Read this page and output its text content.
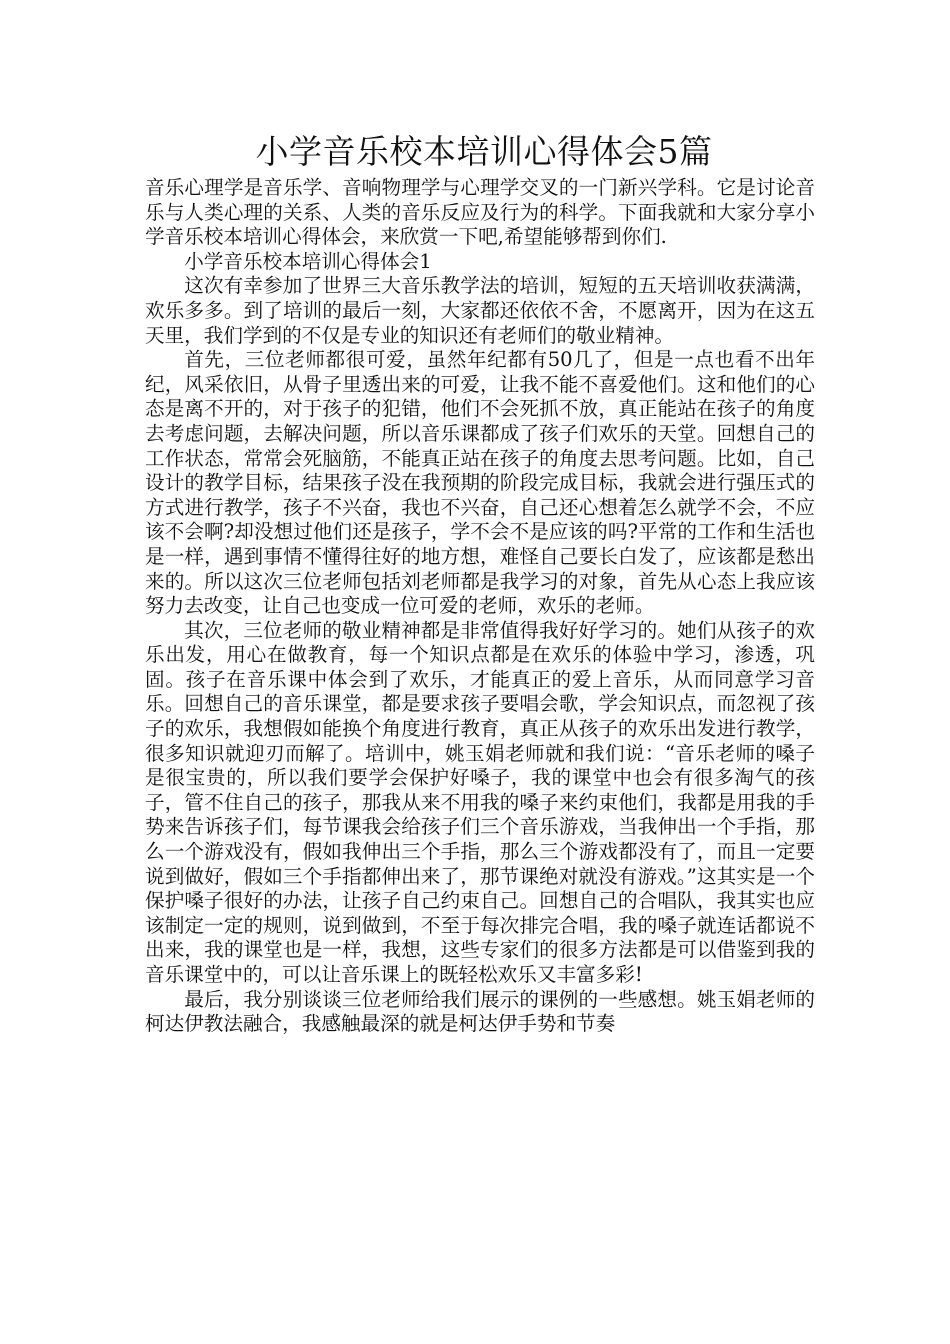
小学音乐校本培训心得体会5篇

音乐心理学是音乐学、音响物理学与心理学交叉的一门新兴学科。它是讨论音乐与人类心理的关系、人类的音乐反应及行为的科学。下面我就和大家分享小学音乐校本培训心得体会，来欣赏一下吧,希望能够帮到你们.

小学音乐校本培训心得体会1

这次有幸参加了世界三大音乐教学法的培训，短短的五天培训收获满满，欢乐多多。到了培训的最后一刻，大家都还依依不舍，不愿离开，因为在这五天里，我们学到的不仅是专业的知识还有老师们的敬业精神。

首先，三位老师都很可爱，虽然年纪都有50几了，但是一点也看不出年纪，风采依旧，从骨子里透出来的可爱，让我不能不喜爱他们。这和他们的心态是离不开的，对于孩子的犯错，他们不会死抓不放，真正能站在孩子的角度去考虑问题，去解决问题，所以音乐课都成了孩子们欢乐的天堂。回想自己的工作状态，常常会死脑筋，不能真正站在孩子的角度去思考问题。比如，自己设计的教学目标，结果孩子没在我预期的阶段完成目标，我就会进行强压式的方式进行教学，孩子不兴奋，我也不兴奋，自己还心想着怎么就学不会，不应该不会啊?却没想过他们还是孩子，学不会不是应该的吗?平常的工作和生活也是一样，遇到事情不懂得往好的地方想，难怪自己要长白发了，应该都是愁出来的。所以这次三位老师包括刘老师都是我学习的对象，首先从心态上我应该努力去改变，让自己也变成一位可爱的老师，欢乐的老师。

其次，三位老师的敬业精神都是非常值得我好好学习的。她们从孩子的欢乐出发，用心在做教育，每一个知识点都是在欢乐的体验中学习，渗透，巩固。孩子在音乐课中体会到了欢乐，才能真正的爱上音乐，从而同意学习音乐。回想自己的音乐课堂，都是要求孩子要唱会歌，学会知识点，而忽视了孩子的欢乐，我想假如能换个角度进行教育，真正从孩子的欢乐出发进行教学，很多知识就迎刃而解了。培训中，姚玉娟老师就和我们说：“音乐老师的嗓子是很宝贵的，所以我们要学会保护好嗓子，我的课堂中也会有很多淘气的孩子，管不住自己的孩子，那我从来不用我的嗓子来约束他们，我都是用我的手势来告诉孩子们，每节课我会给孩子们三个音乐游戏，当我伸出一个手指，那么一个游戏没有，假如我伸出三个手指，那么三个游戏都没有了，而且一定要说到做好，假如三个手指都伸出来了，那节课绝对就没有游戏。”这其实是一个保护嗓子很好的办法，让孩子自己约束自己。回想自己的合唱队，我其实也应该制定一定的规则，说到做到，不至于每次排完合唱，我的嗓子就连话都说不出来，我的课堂也是一样，我想，这些专家们的很多方法都是可以借鉴到我的音乐课堂中的，可以让音乐课上的既轻松欢乐又丰富多彩!

最后，我分别谈谈三位老师给我们展示的课例的一些感想。姚玉娟老师的柯达伊教法融合，我感触最深的就是柯达伊手势和节奏
